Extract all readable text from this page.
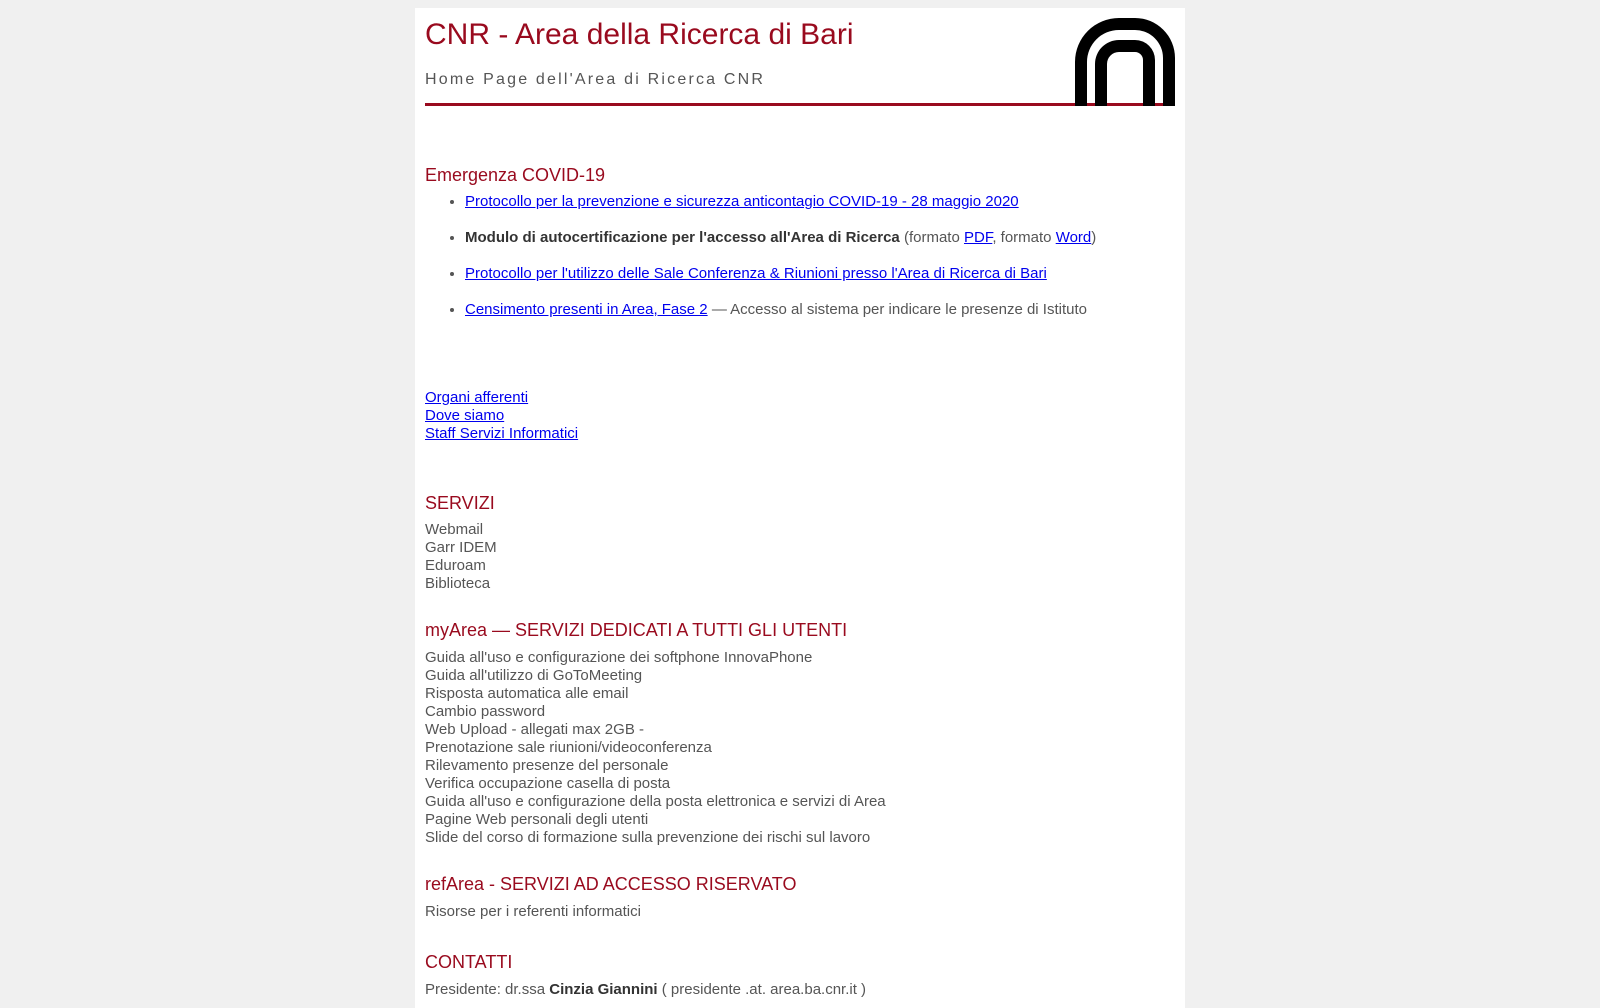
CNR - Area della Ricerca di Bari
Home Page dell'Area di Ricerca CNR
Emergenza COVID-19
• Protocollo per la prevenzione e sicurezza anticontagio COVID-19 - 28 maggio 2020
• Modulo di autocertificazione per l'accesso all'Area di Ricerca (formato PDF, formato Word)
• Protocollo per l'utilizzo delle Sale Conferenza & Riunioni presso l'Area di Ricerca di Bari
• Censimento presenti in Area, Fase 2 — Accesso al sistema per indicare le presenze di Istituto
Organi afferenti
Dove siamo
Staff Servizi Informatici
SERVIZI
Webmail
Garr IDEM
Eduroam
Biblioteca
myArea — SERVIZI DEDICATI A TUTTI GLI UTENTI
Guida all'uso e configurazione dei softphone InnovaPhone
Guida all'utilizzo di GoToMeeting
Risposta automatica alle email
Cambio password
Web Upload - allegati max 2GB -
Prenotazione sale riunioni/videoconferenza
Rilevamento presenze del personale
Verifica occupazione casella di posta
Guida all'uso e configurazione della posta elettronica e servizi di Area
Pagine Web personali degli utenti
Slide del corso di formazione sulla prevenzione dei rischi sul lavoro
refArea - SERVIZI AD ACCESSO RISERVATO
Risorse per i referenti informatici
CONTATTI
Presidente: dr.ssa Cinzia Giannini ( presidente .at. area.ba.cnr.it )
